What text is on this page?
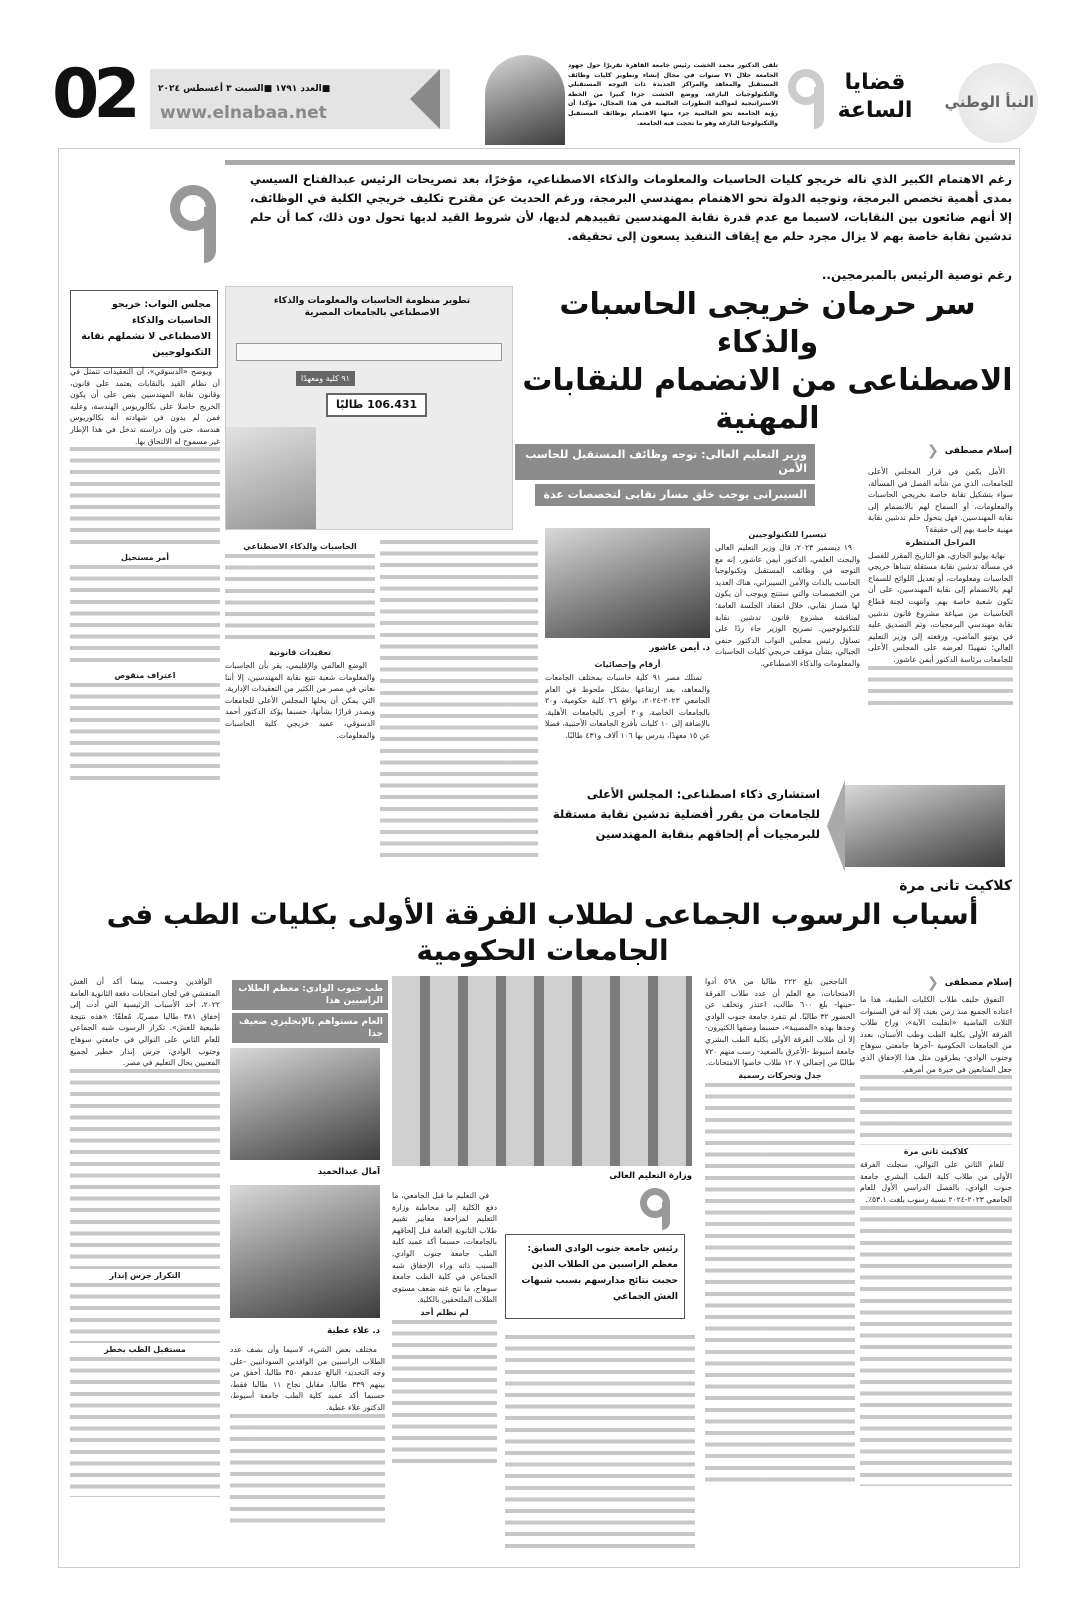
النبأ الوطني
قضايا
الساعة
تلقى الدكتور محمد الخشت رئيس جامعة القاهرة تقريرًا حول جهود الجامعة خلال ٧١ سنوات في مجال إنشاء وتطوير كليات وظائف المستقبل والمعاهد والمراكز الجديدة ذات التوجه المستقبلي والتكنولوجيات البازغة، ووضع الخشت جزءا كبيرا من الخطة الاستراتيجية لمواكبة التطورات العالمية في هذا المجال، مؤكدا أن رؤية الجامعة نحو العالمية جزء منها الاهتمام بوظائف المستقبل والتكنولوجيا البازغة وهو ما تحجت فيه الجامعة.
■العدد ١٧٩١ ■السبت ٣ أغسطس ٢٠٢٤
www.elnabaa.net
02
رغم الاهتمام الكبير الذي ناله خريجو كليات الحاسبات والمعلومات والذكاء الاصطناعي، مؤخرًا، بعد تصريحات الرئيس عبدالفتاح السيسي بمدى أهمية تخصص البرمجة، وتوجيه الدولة نحو الاهتمام بمهندسي البرمجة، ورغم الحديث عن مقترح تكليف خريجي الكلية في الوظائف، إلا أنهم ضائعون بين النقابات، لاسيما مع عدم قدرة نقابة المهندسين تقييدهم لديها، لأن شروط القيد لديها تحول دون ذلك، كما أن حلم تدشين نقابة خاصة بهم لا يزال مجرد حلم مع إيقاف التنفيذ يسعون إلى تحقيقه.
رغم توصية الرئيس بالمبرمجين..
سر حرمان خريجى الحاسبات والذكاء
الاصطناعى من الانضمام للنقابات المهنية
تطوير منظومة الحاسبات والمعلومات والذكاء الاصطناعي بالجامعات المصرية
٩١ كلية ومعهدًا
106.431 طالبًا
مجلس النواب: خريجو الحاسبات والذكاء الاصطناعى لا تشملهم نقابة التكنولوجيين
وزير التعليم العالى: توجه وظائف المستقبل للحاسب الأمن
السيبرانى يوجب خلق مسار نقابى لتخصصات عدة
إسلام مصطفى
❮
د. أيمن عاشور

الأمل يكمن في قرار المجلس الأعلى للجامعات، الذي من شأنه الفصل في المسألة، سواء بتشكيل نقابة خاصة بخريجي الحاسبات والمعلومات، أو السماح لهم بالانضمام إلى نقابة المهندسين. فهل يتحول حلم تدشين نقابة مهنية خاصة بهم إلى حقيقة؟

المراحل المنتظرة

نهاية يوليو الجاري، هو التاريخ المقرر للفصل في مسألة تدشين نقابة مستقلة تتبناها خريجي الحاسبات ومعلومات، أو تعديل اللوائح للسماح لهم بالانضمام إلى نقابة المهندسين، على أن تكون شعبة خاصة بهم. وانتهت لجنة قطاع الحاسبات من صياغة مشروع قانون تدشين نقابة مهندسي البرمجيات، وتم التصديق عليه في يونيو الماضي، ورفعته إلى وزير التعليم العالي؛ تمهيدًا لعرضه على المجلس الأعلى للجامعات برئاسة الدكتور أيمن عاشور.

تيسيرا للتكنولوجيين

١٩ ديسمبر ٢٠٢٣، قال وزير التعليم العالي والبحث العلمي، الدكتور أيمن عاشور، إنه مع التوجه في وظائف المستقبل وتكنولوجيا الحاسب بالذات والأمن السيبراني، هناك العديد من التخصصات والتي ستنتج ويوجب أن يكون لها مسار نقابي، خلال انعقاد الجلسة العامة؛ لمناقشة مشروع قانون تدشين نقابة للتكنولوجيين. تصريح الوزير جاء ردًا على تساؤل رئيس مجلس النواب الدكتور حنفي الجبالي، بشأن موقف خريجي كليات الحاسبات والمعلومات والذكاء الاصطناعي.

أرقام وإحصائيات

تمتلك مصر ٩١ كلية حاسبات بمختلف الجامعات والمعاهد، بعد ارتفاعها بشكل ملحوظ في العام الجامعي ٢٠٢٣-٢٠٢٤، بواقع ٢٦ كلية حكومية، و٢٠ بالجامعات الخاصة، و٢٠ أخرى بالجامعات الأهلية، بالإضافة إلى ١٠ كليات بأفرع الجامعات الأجنبية، فضلا عن ١٥ معهدًا، يدرس بها ١٠٦ آلاف و٤٣١ طالبًا.

الحاسبات والذكاء الاصطناعي
تعقيدات قانونية

الوضع العالمي والإقليمي، يقر بأن الحاسبات والمعلومات شعبة تتبع نقابة المهندسين، إلا أننا نعاني في مصر من الكثير من التعقيدات الإدارية، التي يمكن أن يحلها المجلس الأعلى للجامعات ويصدر قرارًا بشأنها، حسبما يؤكد الدكتور أحمد الدسوقي، عميد خريجي كلية الحاسبات والمعلومات.

ويوضح «الدسوقي»، أن التعقيدات تتمثل في أن نظام القيد بالنقابات يعتمد على قانون، وقانون نقابة المهندسين ينص على أن يكون الخريج حاصلا على بكالوريوس الهندسة، وعليه فمن لم يدون في شهادته أنه بكالوريوس هندسة، حتى وإن دراسته تدخل في هذا الإطار غير مسموح له الالتحاق بها.

أمر مستحيل
اعتراف منقوص
استشارى ذكاء اصطناعى: المجلس الأعلى للجامعات من يقرر أفضلية تدشين نقابة مستقلة للبرمجيات أم إلحاقهم بنقابة المهندسين
كلاكيت تانى مرة
أسباب الرسوب الجماعى لطلاب الفرقة الأولى بكليات الطب فى الجامعات الحكومية
إسلام مصطفى
❮
وزارة التعليم العالى
طب جنوب الوادي: معظم الطلاب الراسبين هذا
العام مستواهم بالإنجليزي ضعيف جدا
آمال عبدالحميد
د. علاء عطية
رئيس جامعة جنوب الوادي السابق: معظم الراسبين من الطلاب الذين حجبت نتائج مدارسهم بسبب شبهات الغش الجماعي

التفوق حليف طلاب الكليات الطبية، هذا ما اعتاده الجميع منذ زمن بعيد، إلا أنه في السنوات الثلاث الماضية «انقلبت الآية»، وراح طلاب الفرقة الأولى بكلية الطب وطب الأسنان، بعدد من الجامعات الحكومية -آخرها جامعتي سوهاج وجنوب الوادي- يطرقون مثل هذا الإخفاق الذي جعل المتابعين في حيرة من أمرهم.

كلاكيت ثاني مرة

للعام الثاني على التوالي، سجلت الفرقة الأولى من طلاب كلية الطب البشري جامعة جنوب الوادي، بالفصل الدراسي الأول للعام الجامعي ٢٠٢٣-٢٠٢٤ نسبة رسوب بلغت ٥٣.١٪.

الناجحين بلغ ٢٢٢ طالبا من ٥٦٨ أدوا الامتحانات، مع العلم أن عدد طلاب الفرقة -حينها- بلغ ٦٠٠ طالب، اعتذر وتخلف عن الحضور ٣٢ طالبًا. لم تنفرد جامعة جنوب الوادي وحدها بهذه «المصيبة»، حسبما وصفها الكثيرون- إلا أن طلاب الفرقة الأولى بكلية الطب البشري جامعة أسيوط -الأعرق بالصعيد- رسب منهم ٧٢٠ طالبًا من إجمالي ١٢٠٧ طلاب خاضوا الامتحانات.

جدل وتحركات رسمية

في التعليم ما قبل الجامعي، ما دفع الكلية إلى مخاطبة وزارة التعليم لمراجعة معايير تقييم طلاب الثانوية العامة قبل إلحاقهم بالجامعات، حسبما أكد عميد كلية الطب جامعة جنوب الوادي. السبب ذاته وراء الإخفاق شبه الجماعي في كلية الطب جامعة سوهاج، ما نتج عنه ضعف مستوى الطلاب الملتحقين بالكلية.

لم نظلم أحد

مختلف بعض الشيء، لاسيما وأن نصف عدد الطلاب الراسبين من الوافدين السودانيين -على وجه التحديد- البالغ عددهم ٣٥٠ طالبا، أخفق من بينهم ٣٣٩ طالبا، مقابل نجاح ١١ طالبا فقط، حسبما أكد عميد كلية الطب جامعة أسيوط، الدكتور علاء عطية.

الوافدين وحسب، بينما أكد أن الغش المتفشي في لجان امتحانات دفعة الثانوية العامة ٢٠٢٢، أحد الأسباب الرئيسية التي أدت إلى إخفاق ٣٨١ طالبا مصريًا، مُعلقًا: «هذه نتيجة طبيعية للغش». تكرار الرسوب شبه الجماعي للعام الثاني على التوالي في جامعتي سوهاج وجنوب الوادي، جرس إنذار خطير لجميع المعنيين بحال التعليم في مصر.

التكرار جرس إنذار
مستقبل الطب بخطر
